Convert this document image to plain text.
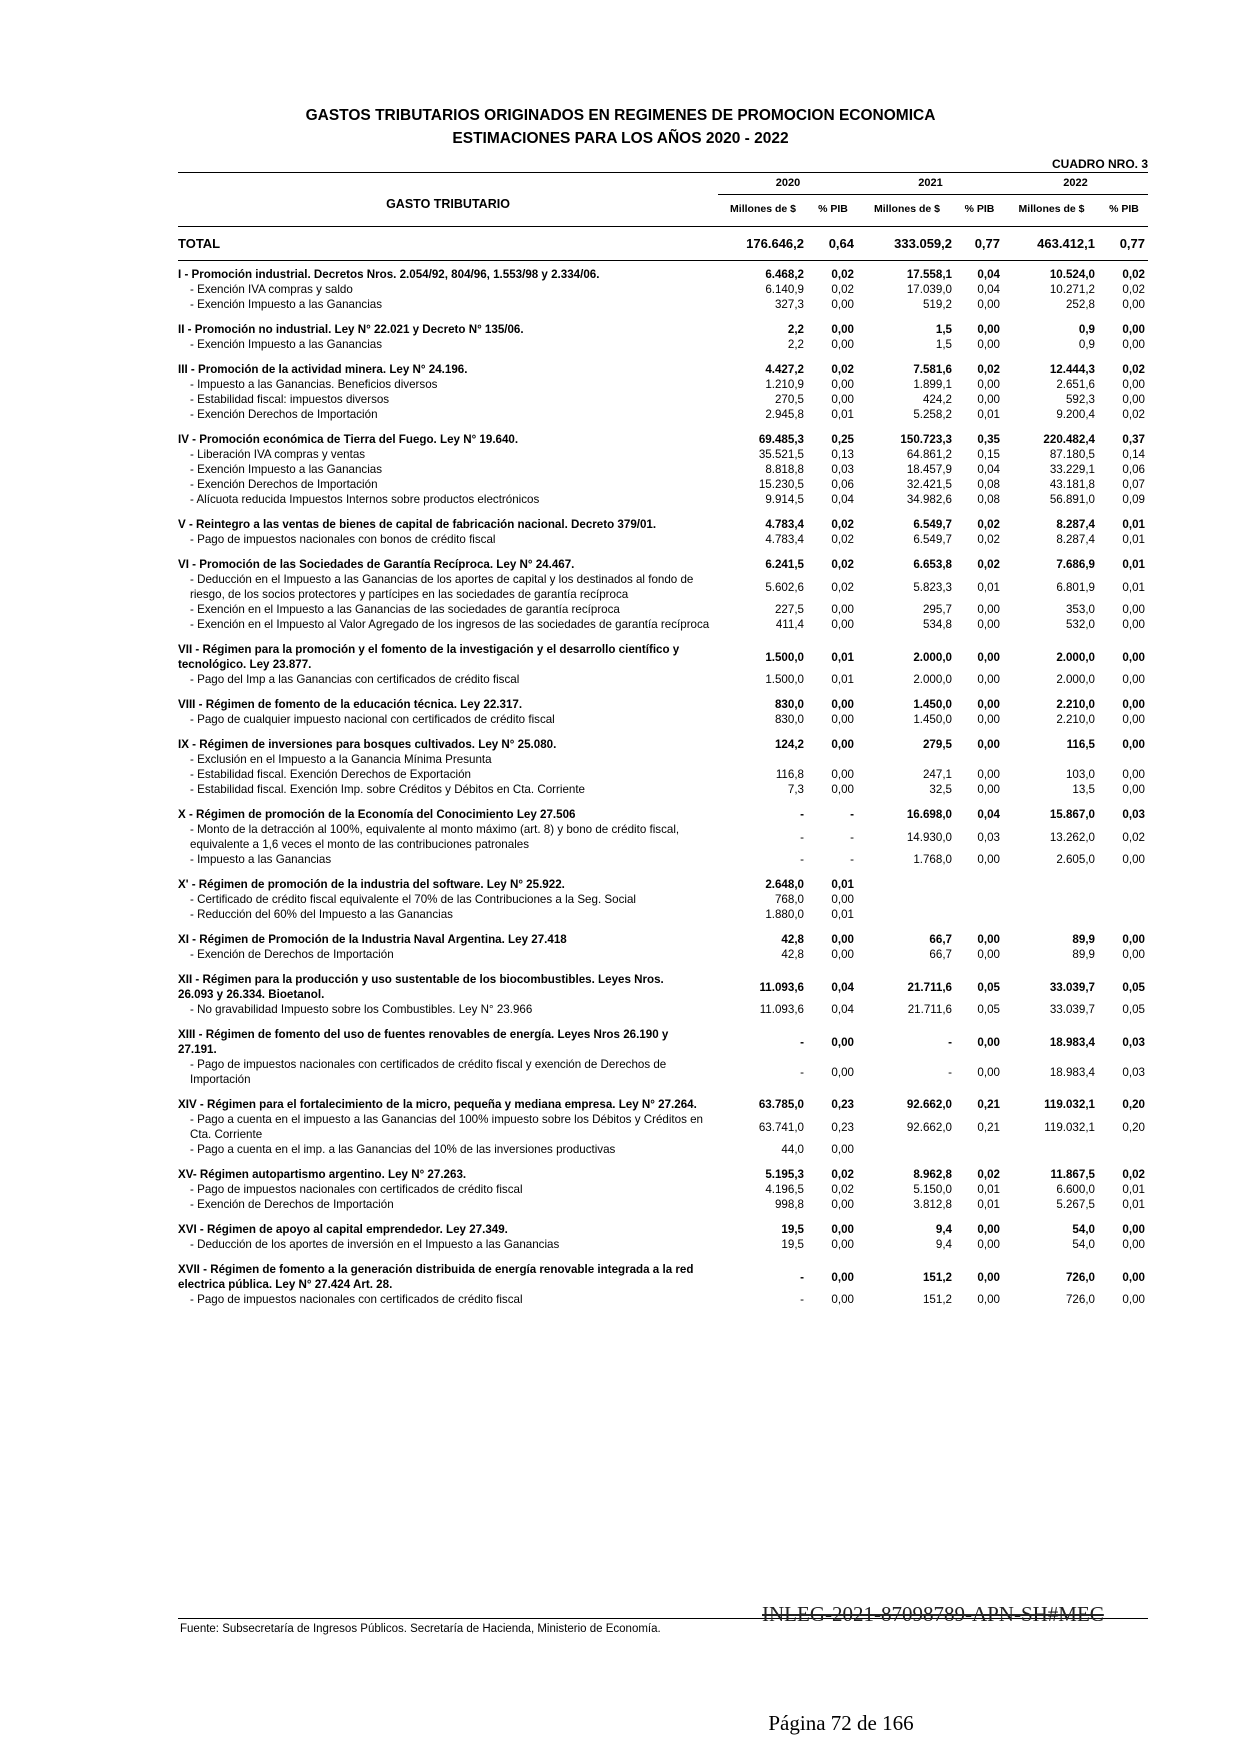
GASTOS TRIBUTARIOS ORIGINADOS EN REGIMENES DE PROMOCION ECONOMICA
ESTIMACIONES PARA LOS AÑOS 2020 - 2022
CUADRO NRO. 3
GASTO TRIBUTARIO
2020	2021	2022
Millones de $	% PIB	Millones de $	% PIB	Millones de $	% PIB
TOTAL	176.646,2	0,64	333.059,2	0,77	463.412,1	0,77
I - Promoción industrial. Decretos Nros. 2.054/92, 804/96, 1.553/98 y 2.334/06.	6.468,2	0,02	17.558,1	0,04	10.524,0	0,02
- Exención IVA compras y saldo	6.140,9	0,02	17.039,0	0,04	10.271,2	0,02
- Exención Impuesto a las Ganancias	327,3	0,00	519,2	0,00	252,8	0,00
II - Promoción no industrial. Ley N° 22.021 y Decreto N° 135/06.	2,2	0,00	1,5	0,00	0,9	0,00
- Exención Impuesto a las Ganancias	2,2	0,00	1,5	0,00	0,9	0,00
III - Promoción de la actividad minera. Ley N° 24.196.	4.427,2	0,02	7.581,6	0,02	12.444,3	0,02
- Impuesto a las Ganancias. Beneficios diversos	1.210,9	0,00	1.899,1	0,00	2.651,6	0,00
- Estabilidad fiscal: impuestos diversos	270,5	0,00	424,2	0,00	592,3	0,00
- Exención Derechos de Importación	2.945,8	0,01	5.258,2	0,01	9.200,4	0,02
IV - Promoción económica de Tierra del Fuego. Ley N° 19.640.	69.485,3	0,25	150.723,3	0,35	220.482,4	0,37
- Liberación IVA compras y ventas	35.521,5	0,13	64.861,2	0,15	87.180,5	0,14
- Exención Impuesto a las Ganancias	8.818,8	0,03	18.457,9	0,04	33.229,1	0,06
- Exención Derechos de Importación	15.230,5	0,06	32.421,5	0,08	43.181,8	0,07
- Alícuota reducida Impuestos Internos sobre productos electrónicos	9.914,5	0,04	34.982,6	0,08	56.891,0	0,09
V - Reintegro a las ventas de bienes de capital de fabricación nacional. Decreto 379/01.	4.783,4	0,02	6.549,7	0,02	8.287,4	0,01
- Pago de impuestos nacionales con bonos de crédito fiscal	4.783,4	0,02	6.549,7	0,02	8.287,4	0,01
VI - Promoción de las Sociedades de Garantía Recíproca. Ley N° 24.467.	6.241,5	0,02	6.653,8	0,02	7.686,9	0,01
- Deducción en el Impuesto a las Ganancias de los aportes de capital y los destinados al fondo de riesgo, de los socios protectores y partícipes en las sociedades de garantía recíproca
5.602,6	0,02	5.823,3	0,01	6.801,9	0,01
- Exención en el Impuesto a las Ganancias de las sociedades de garantía recíproca	227,5	0,00	295,7	0,00	353,0	0,00
- Exención en el Impuesto al Valor Agregado de los ingresos de las sociedades de garantía recíproca	411,4	0,00	534,8	0,00	532,0	0,00
VII - Régimen para la promoción y el fomento de la investigación y el desarrollo científico y tecnológico. Ley 23.877.
1.500,0	0,01	2.000,0	0,00	2.000,0	0,00
- Pago del Imp a las Ganancias con certificados de crédito fiscal	1.500,0	0,01	2.000,0	0,00	2.000,0	0,00
VIII - Régimen de fomento de la educación técnica. Ley 22.317.	830,0	0,00	1.450,0	0,00	2.210,0	0,00
- Pago de cualquier impuesto nacional con certificados de crédito fiscal	830,0	0,00	1.450,0	0,00	2.210,0	0,00
IX - Régimen de inversiones para bosques cultivados. Ley N° 25.080.	124,2	0,00	279,5	0,00	116,5	0,00
- Exclusión en el Impuesto a la Ganancia Mínima Presunta
- Estabilidad fiscal. Exención Derechos de Exportación	116,8	0,00	247,1	0,00	103,0	0,00
- Estabilidad fiscal. Exención Imp. sobre Créditos y Débitos en Cta. Corriente	7,3	0,00	32,5	0,00	13,5	0,00
X - Régimen de promoción de la Economía del Conocimiento Ley 27.506	-	-	16.698,0	0,04	15.867,0	0,03
- Monto de la detracción al 100%, equivalente al monto máximo (art. 8) y bono de crédito fiscal, equivalente a 1,6 veces el monto de las contribuciones patronales
-	-	14.930,0	0,03	13.262,0	0,02
- Impuesto a las Ganancias	-	-	1.768,0	0,00	2.605,0	0,00
X' - Régimen de promoción de la industria del software. Ley N° 25.922.	2.648,0	0,01
- Certificado de crédito fiscal equivalente el 70% de las Contribuciones a la Seg. Social	768,0	0,00
- Reducción del 60% del Impuesto a las Ganancias	1.880,0	0,01
XI - Régimen de Promoción de la Industria Naval Argentina. Ley 27.418	42,8	0,00	66,7	0,00	89,9	0,00
- Exención de Derechos de Importación	42,8	0,00	66,7	0,00	89,9	0,00
XII - Régimen para la producción y uso sustentable de los biocombustibles. Leyes Nros. 26.093 y 26.334. Bioetanol.
11.093,6	0,04	21.711,6	0,05	33.039,7	0,05
- No gravabilidad Impuesto sobre los Combustibles. Ley N° 23.966	11.093,6	0,04	21.711,6	0,05	33.039,7	0,05
XIII - Régimen de fomento del uso de fuentes renovables de energía. Leyes Nros 26.190 y 27.191.
-	0,00	-	0,00	18.983,4	0,03
- Pago de impuestos nacionales con certificados de crédito fiscal y exención de Derechos de Importación
-	0,00	-	0,00	18.983,4	0,03
XIV - Régimen para el fortalecimiento de la micro, pequeña y mediana empresa. Ley N° 27.264.	63.785,0	0,23	92.662,0	0,21	119.032,1	0,20
- Pago a cuenta en el impuesto a las Ganancias del 100% impuesto sobre los Débitos y Créditos en Cta. Corriente
63.741,0	0,23	92.662,0	0,21	119.032,1	0,20
- Pago a cuenta en el imp. a las Ganancias del 10% de las inversiones productivas	44,0	0,00
XV- Régimen autopartismo argentino. Ley N° 27.263.	5.195,3	0,02	8.962,8	0,02	11.867,5	0,02
- Pago de impuestos nacionales con certificados de crédito fiscal	4.196,5	0,02	5.150,0	0,01	6.600,0	0,01
- Exención de Derechos de Importación	998,8	0,00	3.812,8	0,01	5.267,5	0,01
XVI - Régimen de apoyo al capital emprendedor. Ley 27.349.	19,5	0,00	9,4	0,00	54,0	0,00
- Deducción de los aportes de inversión en el Impuesto a las Ganancias	19,5	0,00	9,4	0,00	54,0	0,00
XVII - Régimen de fomento a la generación distribuida de energía renovable integrada a la red electrica pública. Ley N° 27.424 Art. 28.
-	0,00	151,2	0,00	726,0	0,00
- Pago de impuestos nacionales con certificados de crédito fiscal	-	0,00	151,2	0,00	726,0	0,00
INLEG-2021-87098789-APN-SH#MEC
Fuente: Subsecretaría de Ingresos Públicos. Secretaría de Hacienda, Ministerio de Economía.
Página 72 de 166
